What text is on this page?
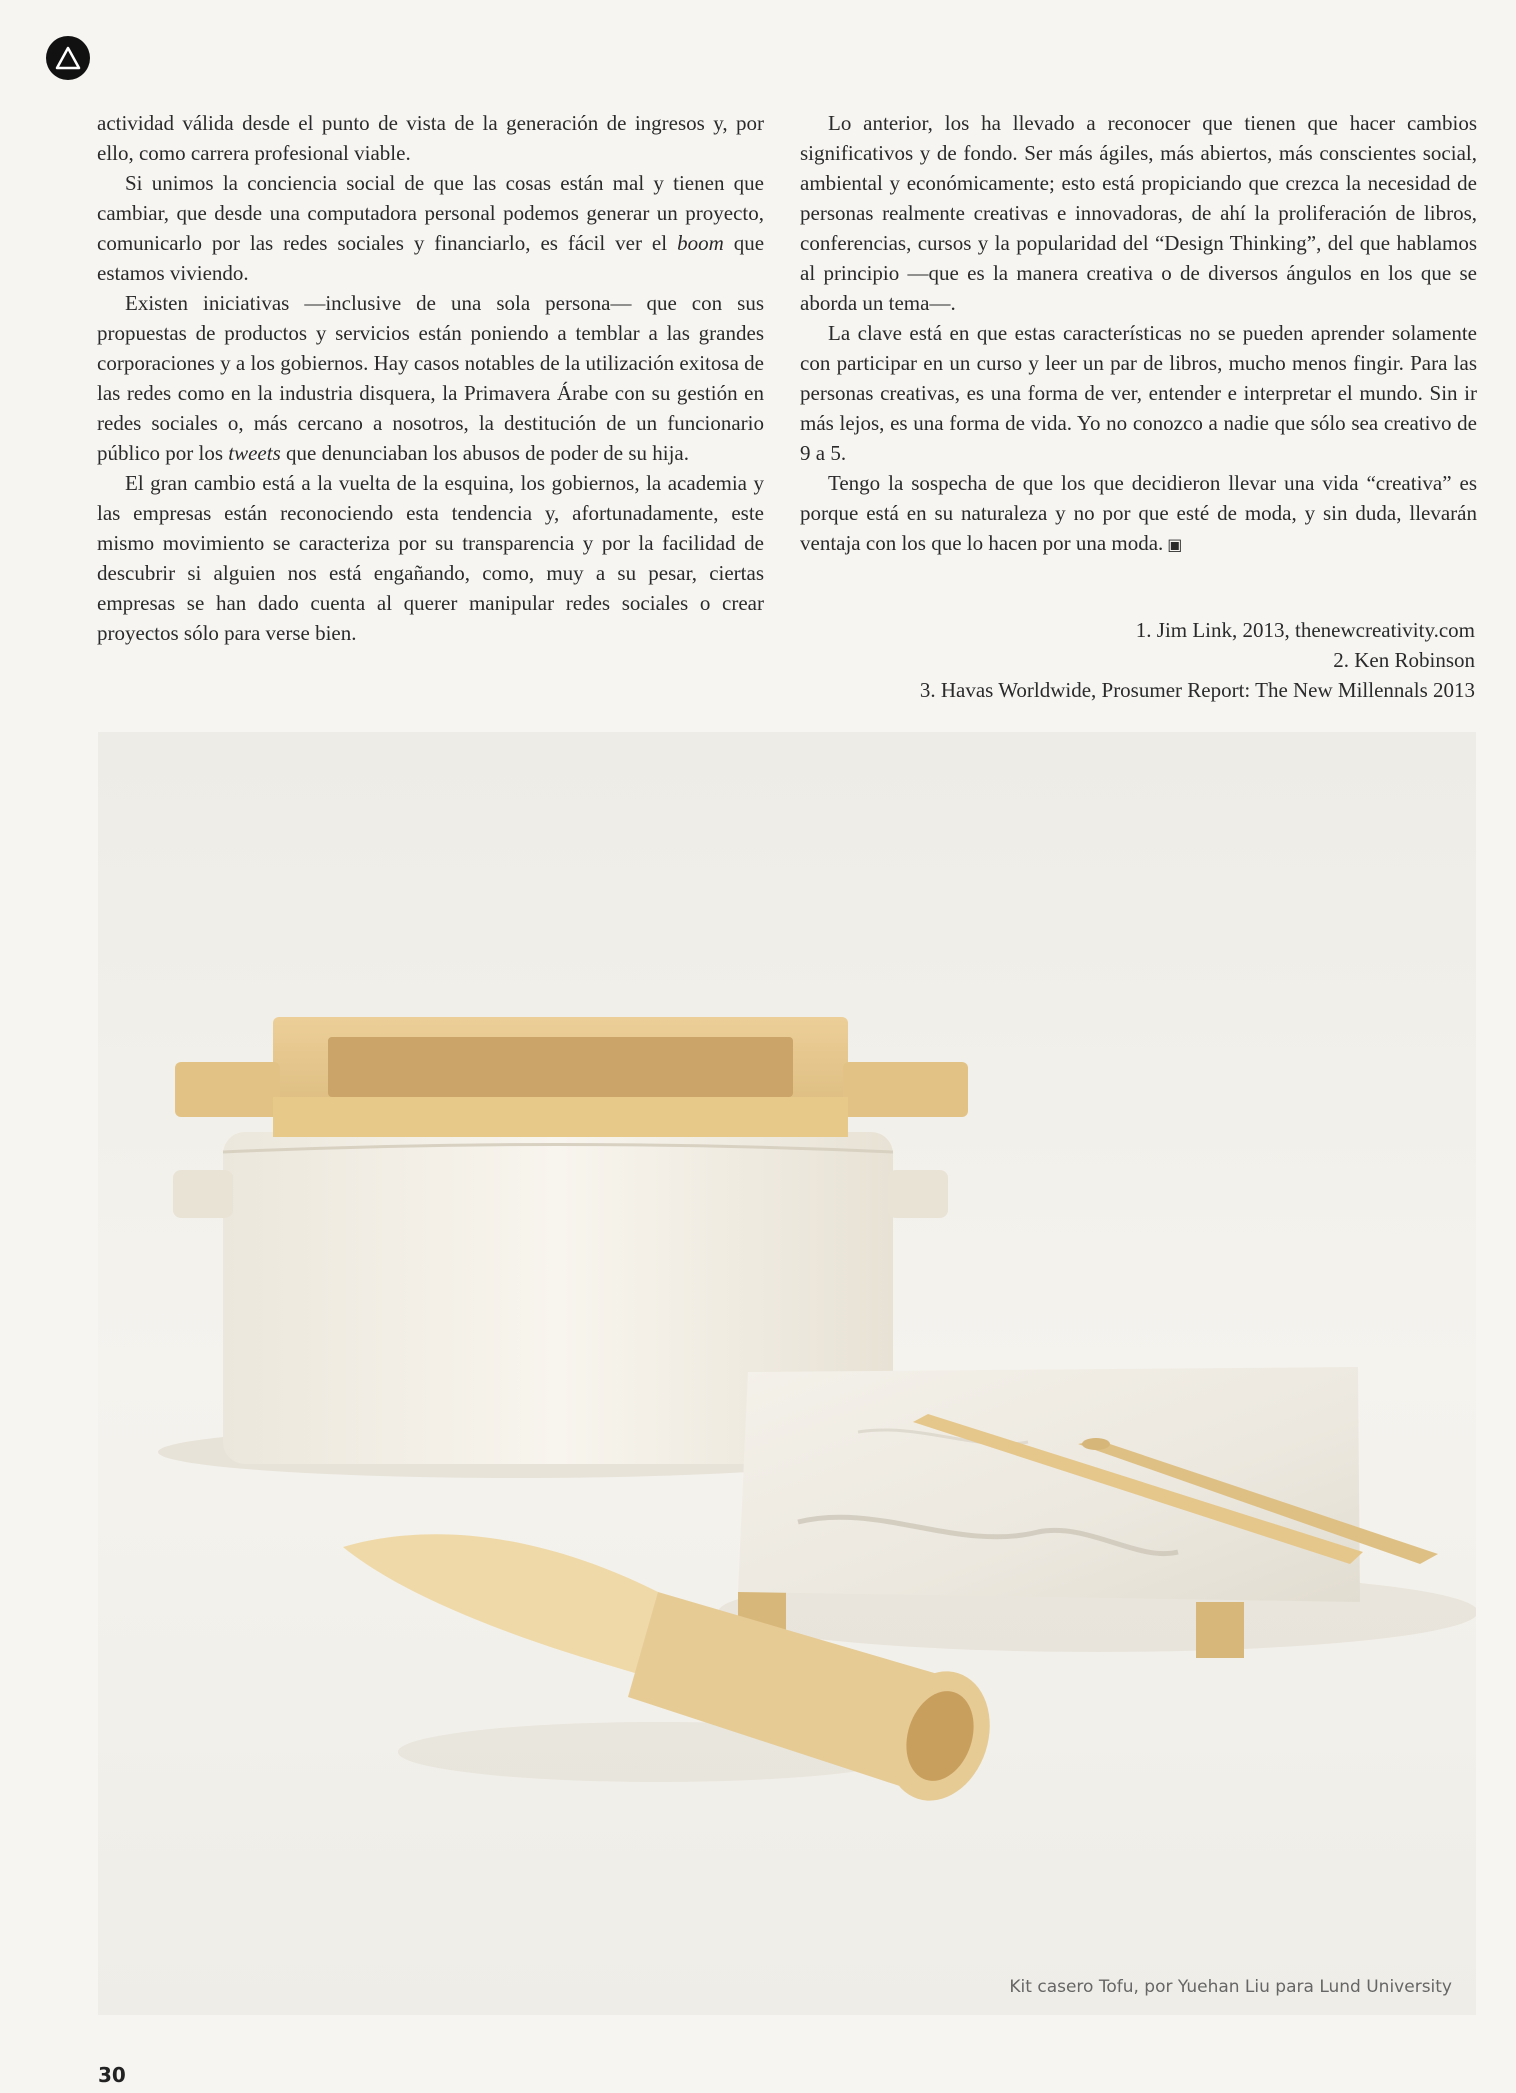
actividad válida desde el punto de vista de la generación de ingresos y, por ello, como carrera profesional viable.

Si unimos la conciencia social de que las cosas están mal y tienen que cambiar, que desde una computadora personal podemos generar un proyecto, comunicarlo por las redes sociales y financiarlo, es fácil ver el boom que estamos viviendo.

Existen iniciativas —inclusive de una sola persona— que con sus propuestas de productos y servicios están poniendo a temblar a las grandes corporaciones y a los gobiernos. Hay casos notables de la utilización exitosa de las redes como en la industria disquera, la Primavera Árabe con su gestión en redes sociales o, más cercano a nosotros, la destitución de un funcionario público por los tweets que denunciaban los abusos de poder de su hija.

El gran cambio está a la vuelta de la esquina, los gobiernos, la academia y las empresas están reconociendo esta tendencia y, afortunadamente, este mismo movimiento se caracteriza por su transparencia y por la facilidad de descubrir si alguien nos está engañando, como, muy a su pesar, ciertas empresas se han dado cuenta al querer manipular redes sociales o crear proyectos sólo para verse bien.

Lo anterior, los ha llevado a reconocer que tienen que hacer cambios significativos y de fondo. Ser más ágiles, más abiertos, más conscientes social, ambiental y económicamente; esto está propiciando que crezca la necesidad de personas realmente creativas e innovadoras, de ahí la proliferación de libros, conferencias, cursos y la popularidad del “Design Thinking”, del que hablamos al principio —que es la manera creativa o de diversos ángulos en los que se aborda un tema—.

La clave está en que estas características no se pueden aprender solamente con participar en un curso y leer un par de libros, mucho menos fingir. Para las personas creativas, es una forma de ver, entender e interpretar el mundo. Sin ir más lejos, es una forma de vida. Yo no conozco a nadie que sólo sea creativo de 9 a 5.

Tengo la sospecha de que los que decidieron llevar una vida “creativa” es porque está en su naturaleza y no por que esté de moda, y sin duda, llevarán ventaja con los que lo hacen por una moda. ▣

1. Jim Link, 2013, thenewcreativity.com
2. Ken Robinson
3. Havas Worldwide, Prosumer Report: The New Millennals 2013
Kit casero Tofu, por Yuehan Liu para Lund University
30
